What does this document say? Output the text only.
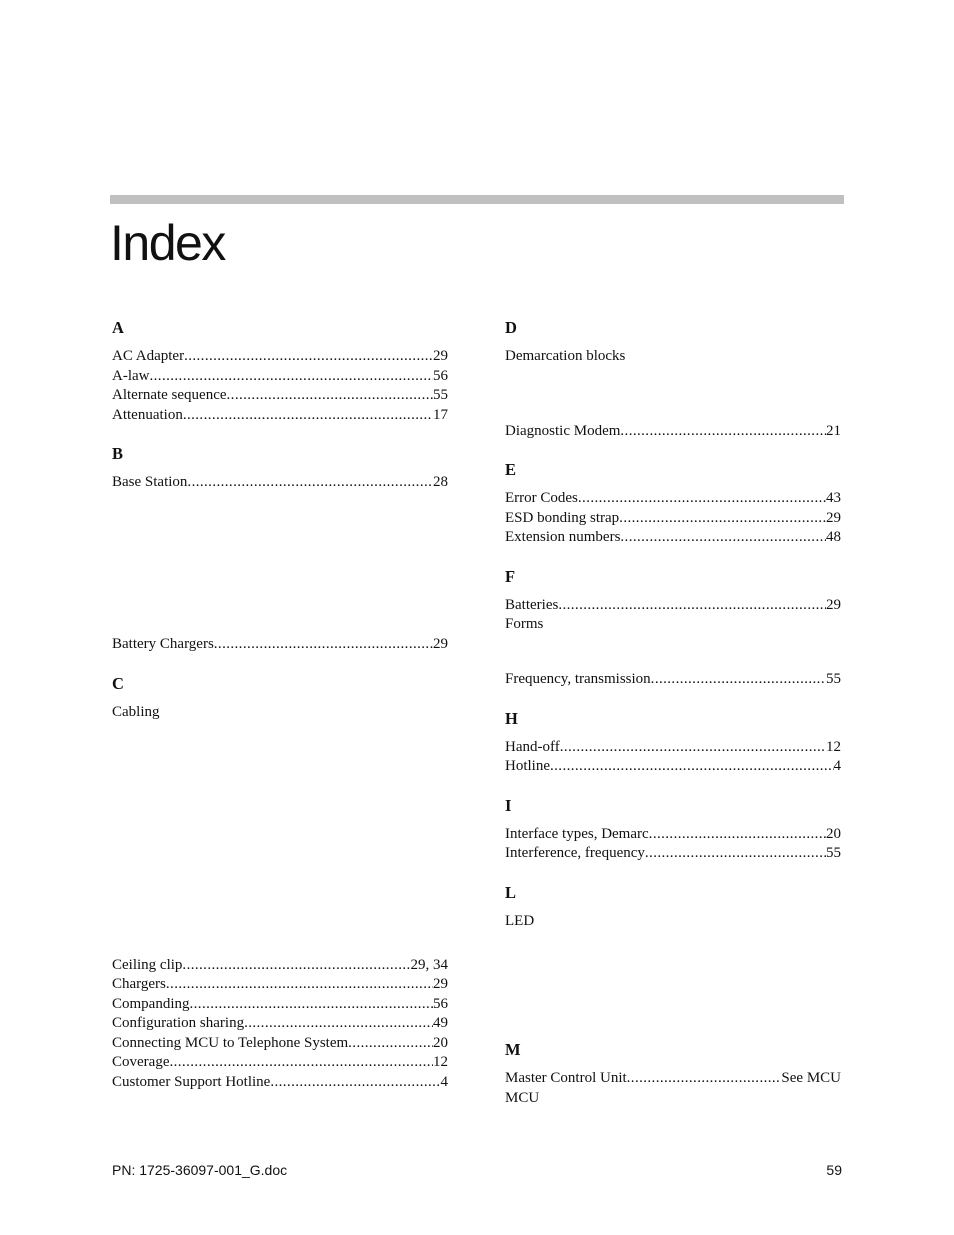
Index
A
AC Adapter .....	29
A-law .....	56
Alternate sequence .....	55
Attenuation .....	17
B
Base Station .....	28
Battery Chargers .....	29
C
Cabling
Ceiling clip .....	29, 34
Chargers .....	29
Companding .....	56
Configuration sharing .....	49
Connecting MCU to Telephone System .....	20
Coverage .....	12
Customer Support Hotline .....	4
D
Demarcation blocks
Diagnostic Modem .....	21
E
Error Codes .....	43
ESD bonding strap .....	29
Extension numbers .....	48
F
Batteries .....	29
Forms
Frequency, transmission .....	55
H
Hand-off .....	12
Hotline .....	4
I
Interface types, Demarc .....	20
Interference, frequency .....	55
L
LED
M
Master Control Unit .....	See MCU
MCU
PN: 1725-36097-001_G.doc	59
